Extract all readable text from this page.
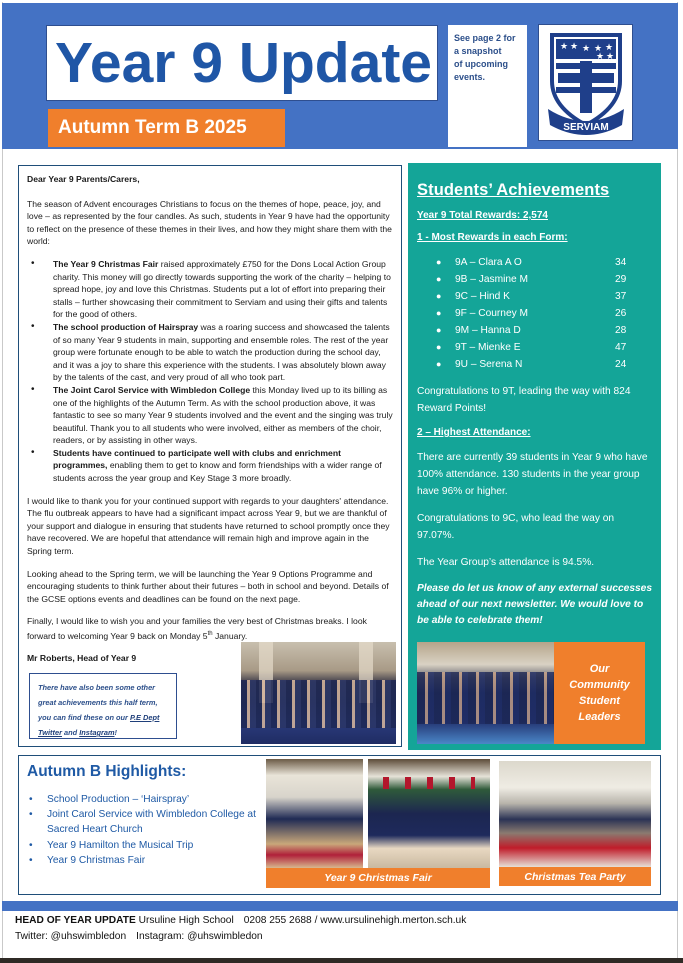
Year 9 Update
Autumn Term B 2025
See page 2 for
a snapshot
of upcoming
events.
★ ★ ★ ★ ★
★ ★
SERVIAM

Dear Year 9 Parents/Carers,

The season of Advent encourages Christians to focus on the themes of hope, peace, joy, and love – as represented by the four candles. As such, students in Year 9 have had the opportunity to reflect on the presence of these themes in their lives, and how they might share them with the world:

• The Year 9 Christmas Fair raised approximately £750 for the Dons Local Action Group charity. This money will go directly towards supporting the work of the charity – helping to spread hope, joy and love this Christmas. Students put a lot of effort into preparing their stalls – further showcasing their commitment to Serviam and using their gifts and talents for the good of others.
• The school production of Hairspray was a roaring success and showcased the talents of so many Year 9 students in main, supporting and ensemble roles. The rest of the year group were fortunate enough to be able to watch the production during the school day, and it was a joy to share this experience with the students. I was absolutely blown away by the talents of the cast, and very proud of all who took part.
• The Joint Carol Service with Wimbledon College this Monday lived up to its billing as one of the highlights of the Autumn Term. As with the school production above, it was fantastic to see so many Year 9 students involved and the event and the singing was truly beautiful. Thank you to all students who were involved, either as members of the choir, readers, or by assisting in other ways.
• Students have continued to participate well with clubs and enrichment programmes, enabling them to get to know and form friendships with a wider range of students across the year group and Key Stage 3 more broadly.

I would like to thank you for your continued support with regards to your daughters' attendance. The flu outbreak appears to have had a significant impact across Year 9, but we are thankful of your support and dialogue in ensuring that students have returned to school promptly once they have recovered. We are hopeful that attendance will remain high and improve again in the Spring term.

Looking ahead to the Spring term, we will be launching the Year 9 Options Programme and encouraging students to think further about their futures – both in school and beyond. Details of the GCSE options events and deadlines can be found on the next page.

Finally, I would like to wish you and your families the very best of Christmas breaks. I look forward to welcoming Year 9 back on Monday 5th January.

Mr Roberts, Head of Year 9

There have also been some other great achievements this half term, you can find these on our P.E Dept Twitter and Instagram!
Students’ Achievements
Year 9 Total Rewards: 2,574
1 - Most Rewards in each Form:
●	9A – Clara A O	34
●	9B – Jasmine M	29
●	9C – Hind K	37
●	9F – Courney M	26
●	9M – Hanna D	28
●	9T – Mienke E	47
●	9U – Serena N	24

Congratulations to 9T, leading the way with 824 Reward Points!

2 – Highest Attendance:

There are currently 39 students in Year 9 who have 100% attendance. 130 students in the year group have 96% or higher.

Congratulations to 9C, who lead the way on 97.07%.

The Year Group’s attendance is 94.5%.

Please do let us know of any external successes ahead of our next newsletter. We would love to be able to celebrate them!

Our Community Student Leaders
Autumn B Highlights:
• School Production – ‘Hairspray’
• Joint Carol Service with Wimbledon College at Sacred Heart Church
• Year 9 Hamilton the Musical Trip
• Year 9 Christmas Fair
Year 9 Christmas Fair	Christmas Tea Party
HEAD OF YEAR UPDATE Ursuline High School 0208 255 2688 / www.ursulinehigh.merton.sch.uk
Twitter: @uhswimbledon Instagram: @uhswimbledon
